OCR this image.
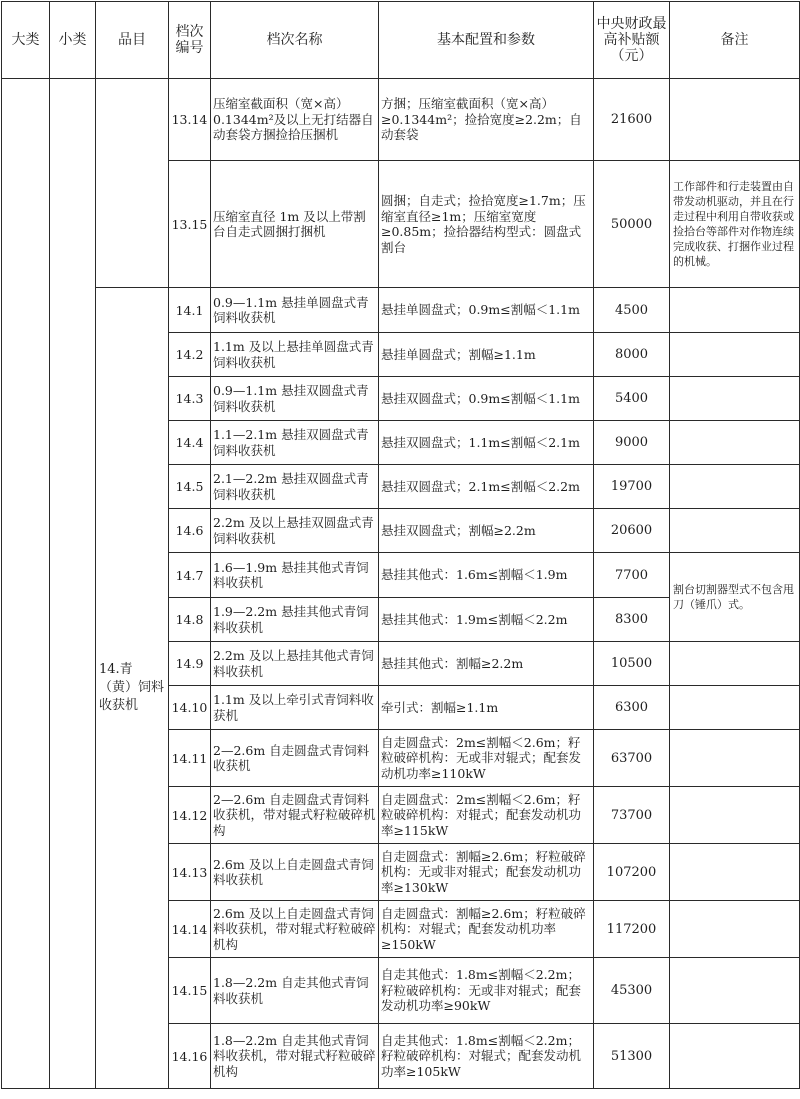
大类	小类	品目	档次编号	档次名称	基本配置和参数	中央财政最高补贴额（元）	备注
			13.14	压缩室截面积（宽×高）0.1344m²及以上无打结器自动套袋方捆捡拾压捆机	方捆；压缩室截面积（宽×高）≥0.1344m²；捡拾宽度≥2.2m；自动套袋	21600	
			13.15	压缩室直径 1m 及以上带割台自走式圆捆打捆机	圆捆；自走式；捡拾宽度≥1.7m；压缩室直径≥1m；压缩室宽度≥0.85m；捡拾器结构型式：圆盘式割台	50000	工作部件和行走装置由自带发动机驱动，并且在行走过程中利用自带收获或捡拾台等部件对作物连续完成收获、打捆作业过程的机械。
		14.青（黄）饲料收获机	14.1	0.9—1.1m 悬挂单圆盘式青饲料收获机	悬挂单圆盘式；0.9m≤割幅＜1.1m	4500	
			14.2	1.1m 及以上悬挂单圆盘式青饲料收获机	悬挂单圆盘式；割幅≥1.1m	8000	
			14.3	0.9—1.1m 悬挂双圆盘式青饲料收获机	悬挂双圆盘式；0.9m≤割幅＜1.1m	5400	
			14.4	1.1—2.1m 悬挂双圆盘式青饲料收获机	悬挂双圆盘式；1.1m≤割幅＜2.1m	9000	
			14.5	2.1—2.2m 悬挂双圆盘式青饲料收获机	悬挂双圆盘式；2.1m≤割幅＜2.2m	19700	
			14.6	2.2m 及以上悬挂双圆盘式青饲料收获机	悬挂双圆盘式；割幅≥2.2m	20600	
			14.7	1.6—1.9m 悬挂其他式青饲料收获机	悬挂其他式：1.6m≤割幅＜1.9m	7700	割台切割器型式不包含甩刀（锤爪）式。
			14.8	1.9—2.2m 悬挂其他式青饲料收获机	悬挂其他式：1.9m≤割幅＜2.2m	8300	
			14.9	2.2m 及以上悬挂其他式青饲料收获机	悬挂其他式：割幅≥2.2m	10500	
			14.10	1.1m 及以上牵引式青饲料收获机	牵引式：割幅≥1.1m	6300	
			14.11	2—2.6m 自走圆盘式青饲料收获机	自走圆盘式：2m≤割幅＜2.6m；籽粒破碎机构：无或非对辊式；配套发动机功率≥110kW	63700	
			14.12	2—2.6m 自走圆盘式青饲料收获机，带对辊式籽粒破碎机构	自走圆盘式：2m≤割幅＜2.6m；籽粒破碎机构：对辊式；配套发动机功率≥115kW	73700	
			14.13	2.6m 及以上自走圆盘式青饲料收获机	自走圆盘式：割幅≥2.6m；籽粒破碎机构：无或非对辊式；配套发动机功率≥130kW	107200	
			14.14	2.6m 及以上自走圆盘式青饲料收获机，带对辊式籽粒破碎机构	自走圆盘式：割幅≥2.6m；籽粒破碎机构：对辊式；配套发动机功率≥150kW	117200	
			14.15	1.8—2.2m 自走其他式青饲料收获机	自走其他式：1.8m≤割幅＜2.2m；籽粒破碎机构：无或非对辊式；配套发动机功率≥90kW	45300	
			14.16	1.8—2.2m 自走其他式青饲料收获机，带对辊式籽粒破碎机构	自走其他式：1.8m≤割幅＜2.2m；籽粒破碎机构：对辊式；配套发动机功率≥105kW	51300	
